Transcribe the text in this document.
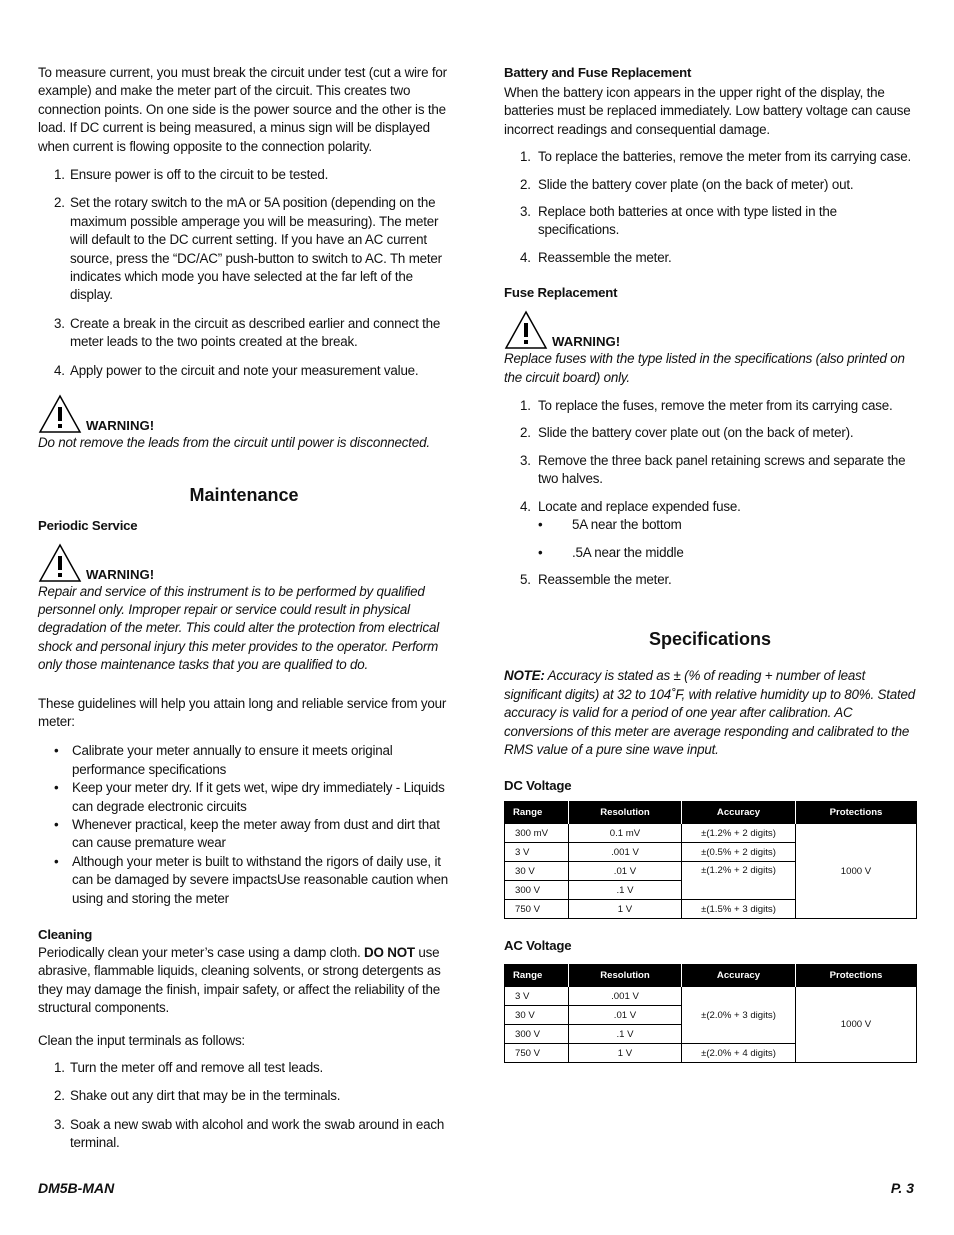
To measure current, you must break the circuit under test (cut a wire for example) and make the meter part of the circuit. This creates two connection points. On one side is the power source and the other is the load. If DC current is being measured, a minus sign will be displayed when current is flowing opposite to the connection polarity.

1. Ensure power is off to the circuit to be tested.
2. Set the rotary switch to the mA or 5A position (depending on the maximum possible amperage you will be measuring). The meter will default to the DC current setting. If you have an AC current source, press the “DC/AC” push-button to switch to AC. Th meter indicates which mode you have selected at the far left of the display.
3. Create a break in the circuit as described earlier and connect the meter leads to the two points created at the break.
4. Apply power to the circuit and note your measurement value.
WARNING!

Do not remove the leads from the circuit until power is disconnected.

Maintenance
Periodic Service
WARNING!

Repair and service of this instrument is to be performed by qualified personnel only. Improper repair or service could result in physical degradation of the meter. This could alter the protection from electrical shock and personal injury this meter provides to the operator. Perform only those maintenance tasks that you are qualified to do.

These guidelines will help you attain long and reliable service from your meter:

• Calibrate your meter annually to ensure it meets original performance specifications
• Keep your meter dry. If it gets wet, wipe dry immediately - Liquids can degrade electronic circuits
• Whenever practical, keep the meter away from dust and dirt that can cause premature wear
• Although your meter is built to withstand the rigors of daily use, it can be damaged by severe impactsUse reasonable caution when using and storing the meter
Cleaning

Periodically clean your meter’s case using a damp cloth. DO NOT use abrasive, flammable liquids, cleaning solvents, or strong detergents as they may damage the finish, impair safety, or affect the reliability of the structural components.

Clean the input terminals as follows:

1. Turn the meter off and remove all test leads.
2. Shake out any dirt that may be in the terminals.
3. Soak a new swab with alcohol and work the swab around in each terminal.
Battery and Fuse Replacement

When the battery icon appears in the upper right of the display, the batteries must be replaced immediately. Low battery voltage can cause incorrect readings and consequential damage.

1. To replace the batteries, remove the meter from its carrying case.
2. Slide the battery cover plate (on the back of meter) out.
3. Replace both batteries at once with type listed in the specifications.
4. Reassemble the meter.
Fuse Replacement
WARNING!

Replace fuses with the type listed in the specifications (also printed on the circuit board) only.

1. To replace the fuses, remove the meter from its carrying case.
2. Slide the battery cover plate out (on the back of meter).
3. Remove the three back panel retaining screws and separate the two halves.
4. Locate and replace expended fuse.
• 5A near the bottom
• .5A near the middle
5. Reassemble the meter.
Specifications

NOTE: Accuracy is stated as ± (% of reading + number of least significant digits) at 32 to 104˚F, with relative humidity up to 80%. Stated accuracy is valid for a period of one year after calibration. AC conversions of this meter are average responding and calibrated to the RMS value of a pure sine wave input.

DC Voltage
Range	Resolution	Accuracy	Protections
300 mV	0.1 mV	±(1.2% + 2 digits)	1000 V
3 V	.001 V	±(0.5% + 2 digits)	
30 V	.01 V	±(1.2% + 2 digits)	
300 V	.1 V		
750 V	1 V	±(1.5% + 3 digits)	
AC Voltage
Range	Resolution	Accuracy	Protections
3 V	.001 V	±(2.0% + 3 digits)	1000 V
30 V	.01 V		
300 V	.1 V		
750 V	1 V	±(2.0% + 4 digits)	
DM5B-MAN	P. 3
